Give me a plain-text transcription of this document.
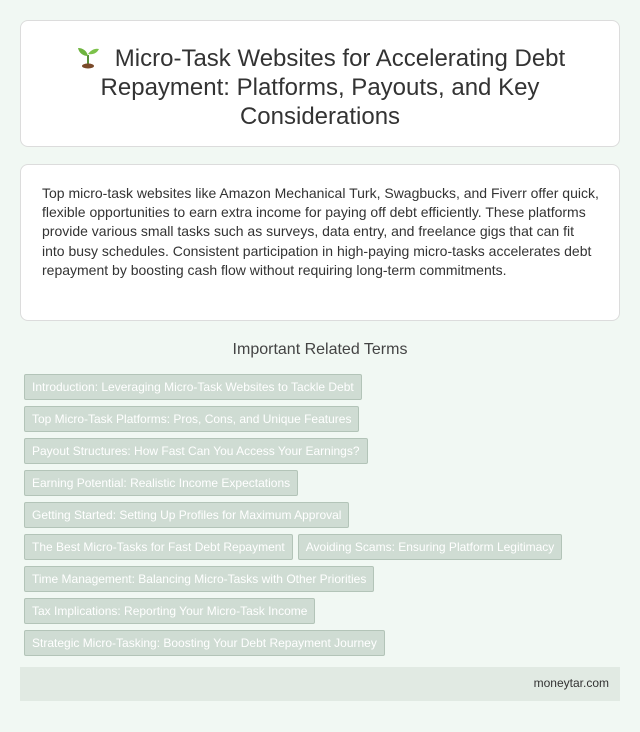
Micro-Task Websites for Accelerating Debt Repayment: Platforms, Payouts, and Key Considerations

Top micro-task websites like Amazon Mechanical Turk, Swagbucks, and Fiverr offer quick, flexible opportunities to earn extra income for paying off debt efficiently. These platforms provide various small tasks such as surveys, data entry, and freelance gigs that can fit into busy schedules. Consistent participation in high-paying micro-tasks accelerates debt repayment by boosting cash flow without requiring long-term commitments.

Important Related Terms
Introduction: Leveraging Micro-Task Websites to Tackle Debt
Top Micro-Task Platforms: Pros, Cons, and Unique Features
Payout Structures: How Fast Can You Access Your Earnings?
Earning Potential: Realistic Income Expectations
Getting Started: Setting Up Profiles for Maximum Approval
The Best Micro-Tasks for Fast Debt Repayment Avoiding Scams: Ensuring Platform Legitimacy
Time Management: Balancing Micro-Tasks with Other Priorities
Tax Implications: Reporting Your Micro-Task Income
Strategic Micro-Tasking: Boosting Your Debt Repayment Journey
moneytar.com
